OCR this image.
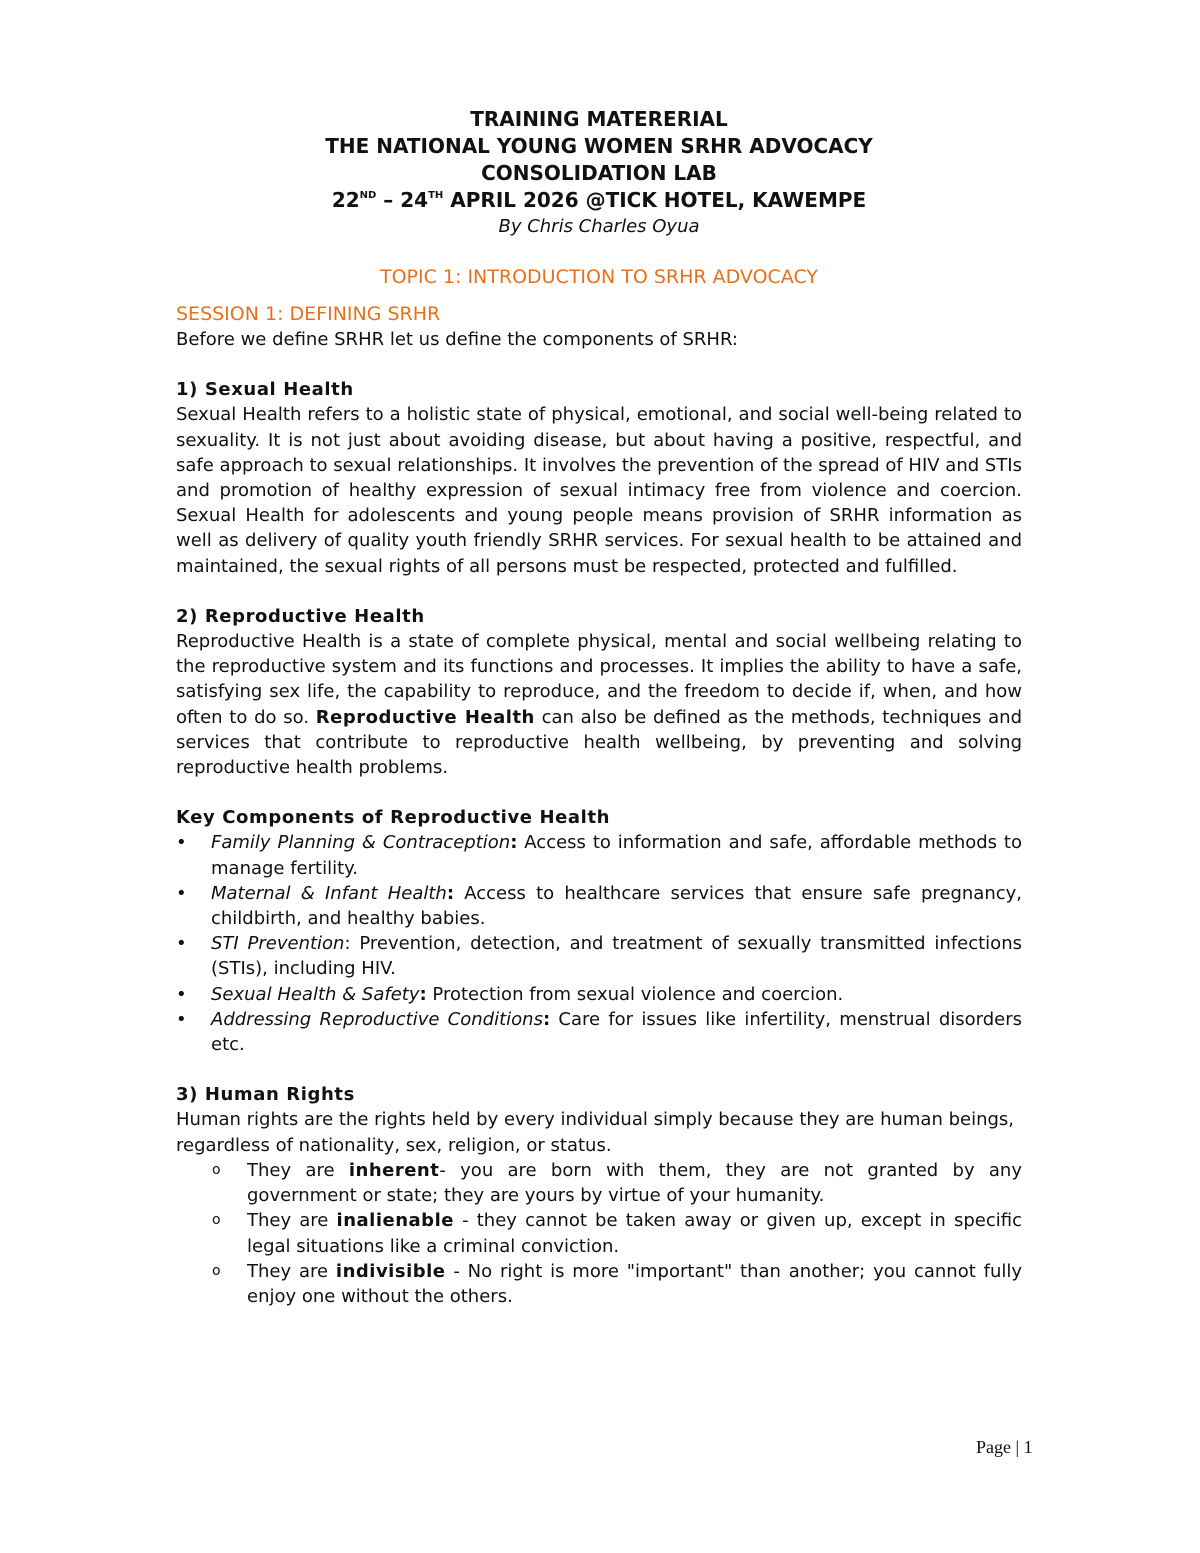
TRAINING MATERERIAL

THE NATIONAL YOUNG WOMEN SRHR ADVOCACY

CONSOLIDATION LAB

22ND – 24TH APRIL 2026 @TICK HOTEL, KAWEMPE

By Chris Charles Oyua

TOPIC 1: INTRODUCTION TO SRHR ADVOCACY

SESSION 1: DEFINING SRHR

Before we define SRHR let us define the components of SRHR:

1) Sexual Health

Sexual Health refers to a holistic state of physical, emotional, and social well-being related to sexuality. It is not just about avoiding disease, but about having a positive, respectful, and safe approach to sexual relationships. It involves the prevention of the spread of HIV and STIs and promotion of healthy expression of sexual intimacy free from violence and coercion. Sexual Health for adolescents and young people means provision of SRHR information as well as delivery of quality youth friendly SRHR services. For sexual health to be attained and maintained, the sexual rights of all persons must be respected, protected and fulfilled.

2) Reproductive Health

Reproductive Health is a state of complete physical, mental and social wellbeing relating to the reproductive system and its functions and processes. It implies the ability to have a safe, satisfying sex life, the capability to reproduce, and the freedom to decide if, when, and how often to do so. Reproductive Health can also be defined as the methods, techniques and services that contribute to reproductive health wellbeing, by preventing and solving reproductive health problems.

Key Components of Reproductive Health

• Family Planning & Contraception: Access to information and safe, affordable methods to manage fertility.
• Maternal & Infant Health: Access to healthcare services that ensure safe pregnancy, childbirth, and healthy babies.
• STI Prevention: Prevention, detection, and treatment of sexually transmitted infections (STIs), including HIV.
• Sexual Health & Safety: Protection from sexual violence and coercion.
• Addressing Reproductive Conditions: Care for issues like infertility, menstrual disorders etc.

3) Human Rights

Human rights are the rights held by every individual simply because they are human beings, regardless of nationality, sex, religion, or status.

o They are inherent- you are born with them, they are not granted by any government or state; they are yours by virtue of your humanity.
o They are inalienable - they cannot be taken away or given up, except in specific legal situations like a criminal conviction.
o They are indivisible - No right is more "important" than another; you cannot fully enjoy one without the others.
Page | 1
